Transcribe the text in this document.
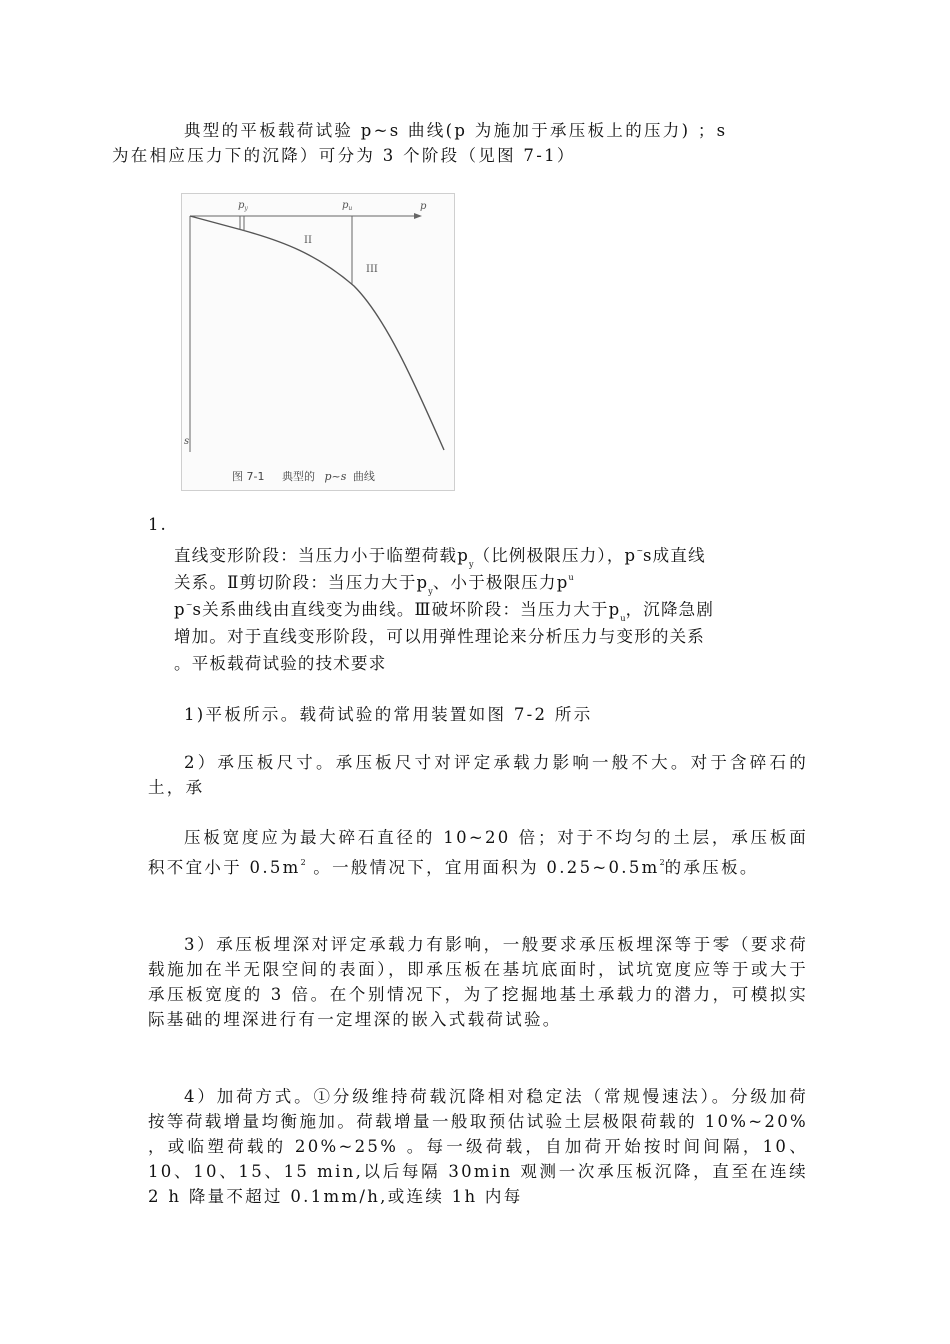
典型的平板载荷试验 p~s 曲线(p 为施加于承压板上的压力) ；s
为在相应压力下的沉降）可分为 3 个阶段（见图 7-1）
$p_y$	$p_u$	p
s
II
III
图 7-1 典型的 p~s 曲线
1.
直线变形阶段：当压力小于临塑荷载$p_y$（比例极限压力），p~s成直线
关系。Ⅱ剪切阶段：当压力大于$p_y$、小于极限压力$p^u$
p~s关系曲线由直线变为曲线。Ⅲ破坏阶段：当压力大于$p_u$，沉降急剧
增加。对于直线变形阶段，可以用弹性理论来分析压力与变形的关系
。平板载荷试验的技术要求
1)平板所示。载荷试验的常用装置如图 7-2 所示
2）承压板尺寸。承压板尺寸对评定承载力影响一般不大。对于含碎石的土，承
压板宽度应为最大碎石直径的 10~20 倍；对于不均匀的土层，承压板面积不宜小于 $0.5m^2$ 。一般情况下，宜用面积为 $0.25\sim 0.5m^2$的承压板。
3）承压板埋深对评定承载力有影响，一般要求承压板埋深等于零（要求荷载施加在半无限空间的表面），即承压板在基坑底面时，试坑宽度应等于或大于承压板宽度的 3 倍。在个别情况下，为了挖掘地基土承载力的潜力，可模拟实际基础的埋深进行有一定埋深的嵌入式载荷试验。
4）加荷方式。①分级维持荷载沉降相对稳定法（常规慢速法）。分级加荷按等荷载增量均衡施加。荷载增量一般取预估试验土层极限荷载的 10%~20% ，或临塑荷载的 20%~25% 。每一级荷载，自加荷开始按时间间隔，10、10、10、15、15 min,以后每隔 30min 观测一次承压板沉降，直至在连续 2 h 降量不超过 0.1mm/h,或连续 1h 内每
